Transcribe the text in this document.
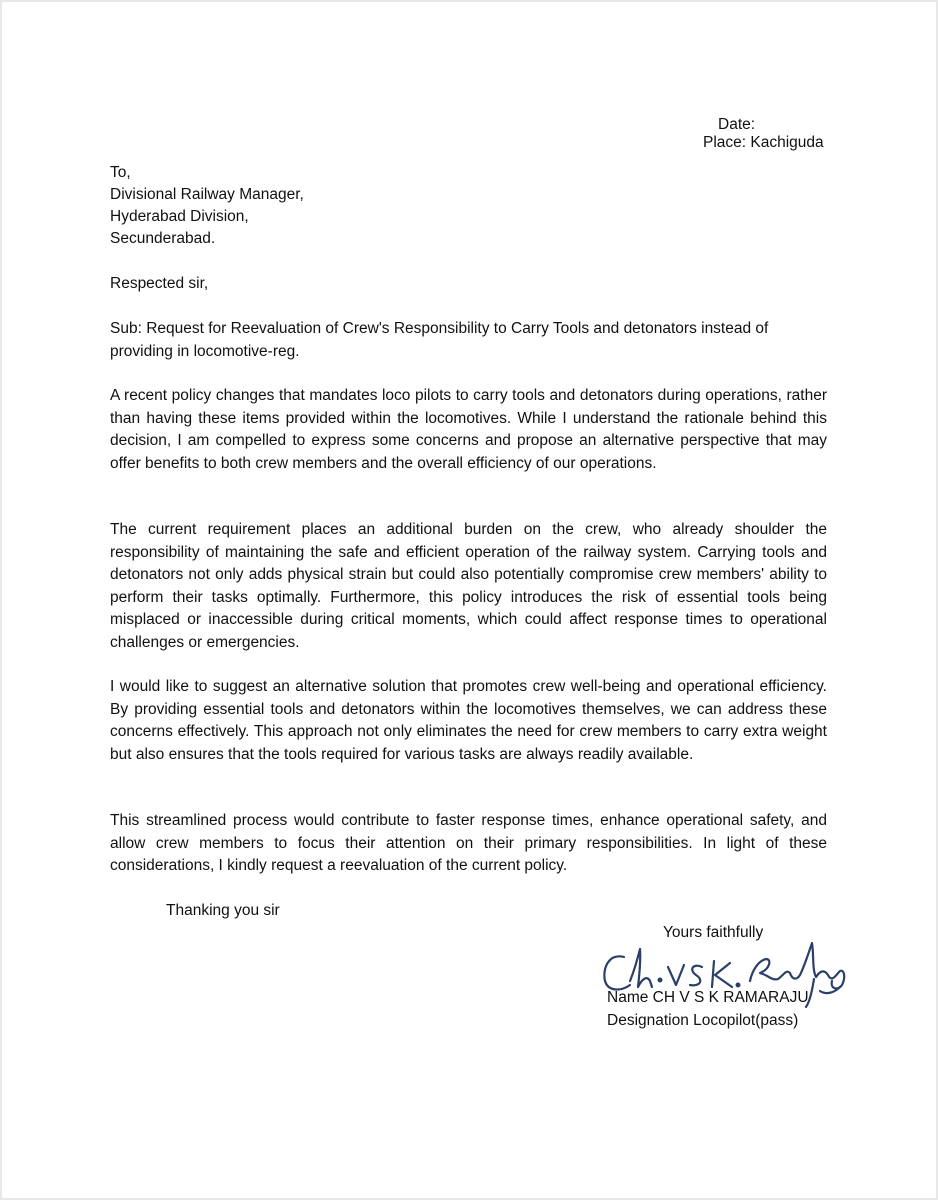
Date:
Place: Kachiguda
To,
Divisional Railway Manager,
Hyderabad Division,
Secunderabad.
Respected sir,
Sub: Request for Reevaluation of Crew's Responsibility to Carry Tools and detonators instead of providing in locomotive-reg.
A recent policy changes that mandates loco pilots to carry tools and detonators during operations, rather than having these items provided within the locomotives. While I understand the rationale behind this decision, I am compelled to express some concerns and propose an alternative perspective that may offer benefits to both crew members and the overall efficiency of our operations.
The current requirement places an additional burden on the crew, who already shoulder the responsibility of maintaining the safe and efficient operation of the railway system. Carrying tools and detonators not only adds physical strain but could also potentially compromise crew members' ability to perform their tasks optimally. Furthermore, this policy introduces the risk of essential tools being misplaced or inaccessible during critical moments, which could affect response times to operational challenges or emergencies.
I would like to suggest an alternative solution that promotes crew well-being and operational efficiency. By providing essential tools and detonators within the locomotives themselves, we can address these concerns effectively. This approach not only eliminates the need for crew members to carry extra weight but also ensures that the tools required for various tasks are always readily available.
This streamlined process would contribute to faster response times, enhance operational safety, and allow crew members to focus their attention on their primary responsibilities. In light of these considerations, I kindly request a reevaluation of the current policy.
Thanking you sir
Yours faithfully
Name CH V S K RAMARAJU
Designation Locopilot(pass)
